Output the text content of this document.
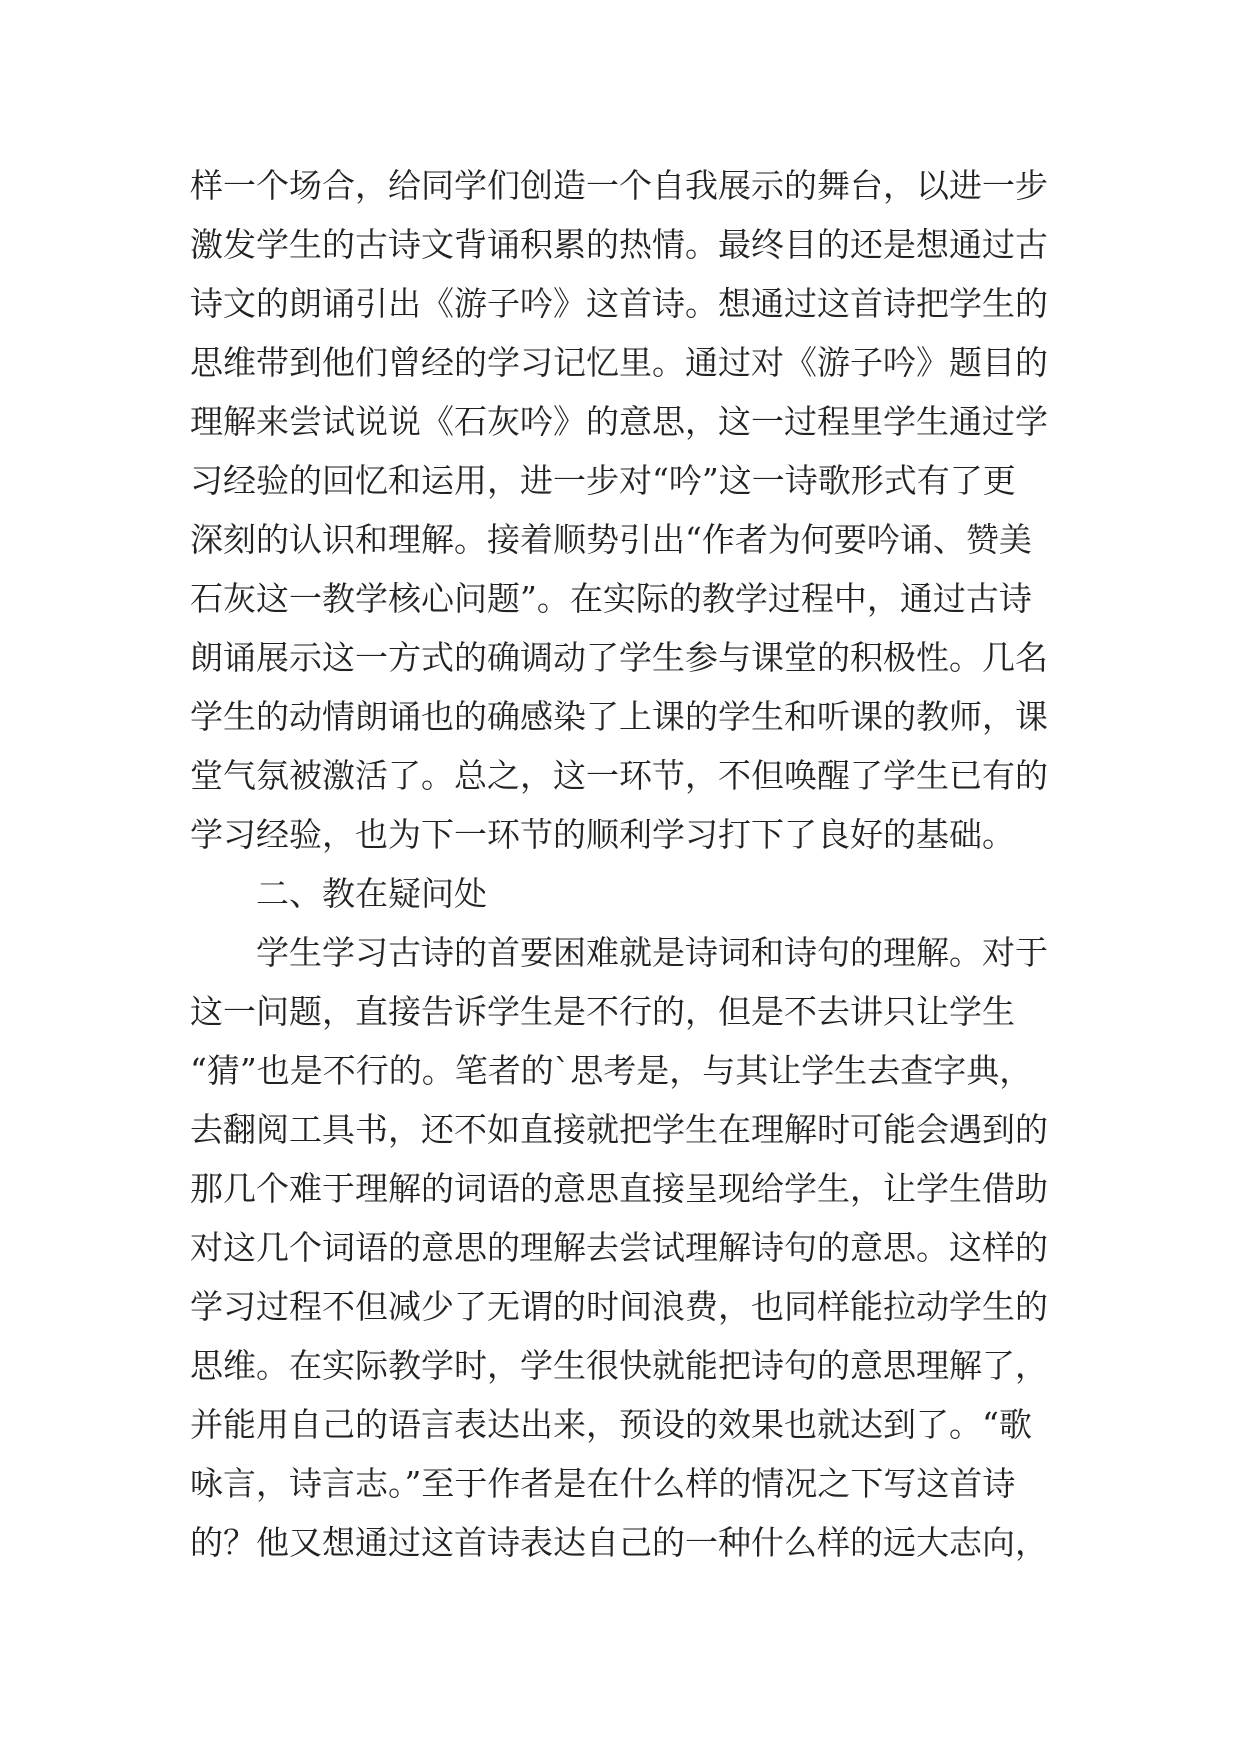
样一个场合，给同学们创造一个自我展示的舞台，以进一步
激发学生的古诗文背诵积累的热情。最终目的还是想通过古
诗文的朗诵引出《游子吟》这首诗。想通过这首诗把学生的
思维带到他们曾经的学习记忆里。通过对《游子吟》题目的
理解来尝试说说《石灰吟》的意思，这一过程里学生通过学
习经验的回忆和运用，进一步对“吟”这一诗歌形式有了更
深刻的认识和理解。接着顺势引出“作者为何要吟诵、赞美
石灰这一教学核心问题”。在实际的教学过程中，通过古诗
朗诵展示这一方式的确调动了学生参与课堂的积极性。几名
学生的动情朗诵也的确感染了上课的学生和听课的教师，课
堂气氛被激活了。总之，这一环节，不但唤醒了学生已有的
学习经验，也为下一环节的顺利学习打下了良好的基础。
二、教在疑问处
学生学习古诗的首要困难就是诗词和诗句的理解。对于
这一问题，直接告诉学生是不行的，但是不去讲只让学生
“猜”也是不行的。笔者的`思考是，与其让学生去查字典，
去翻阅工具书，还不如直接就把学生在理解时可能会遇到的
那几个难于理解的词语的意思直接呈现给学生，让学生借助
对这几个词语的意思的理解去尝试理解诗句的意思。这样的
学习过程不但减少了无谓的时间浪费，也同样能拉动学生的
思维。在实际教学时，学生很快就能把诗句的意思理解了，
并能用自己的语言表达出来，预设的效果也就达到了。“歌
咏言，诗言志。”至于作者是在什么样的情况之下写这首诗
的？他又想通过这首诗表达自己的一种什么样的远大志向，
